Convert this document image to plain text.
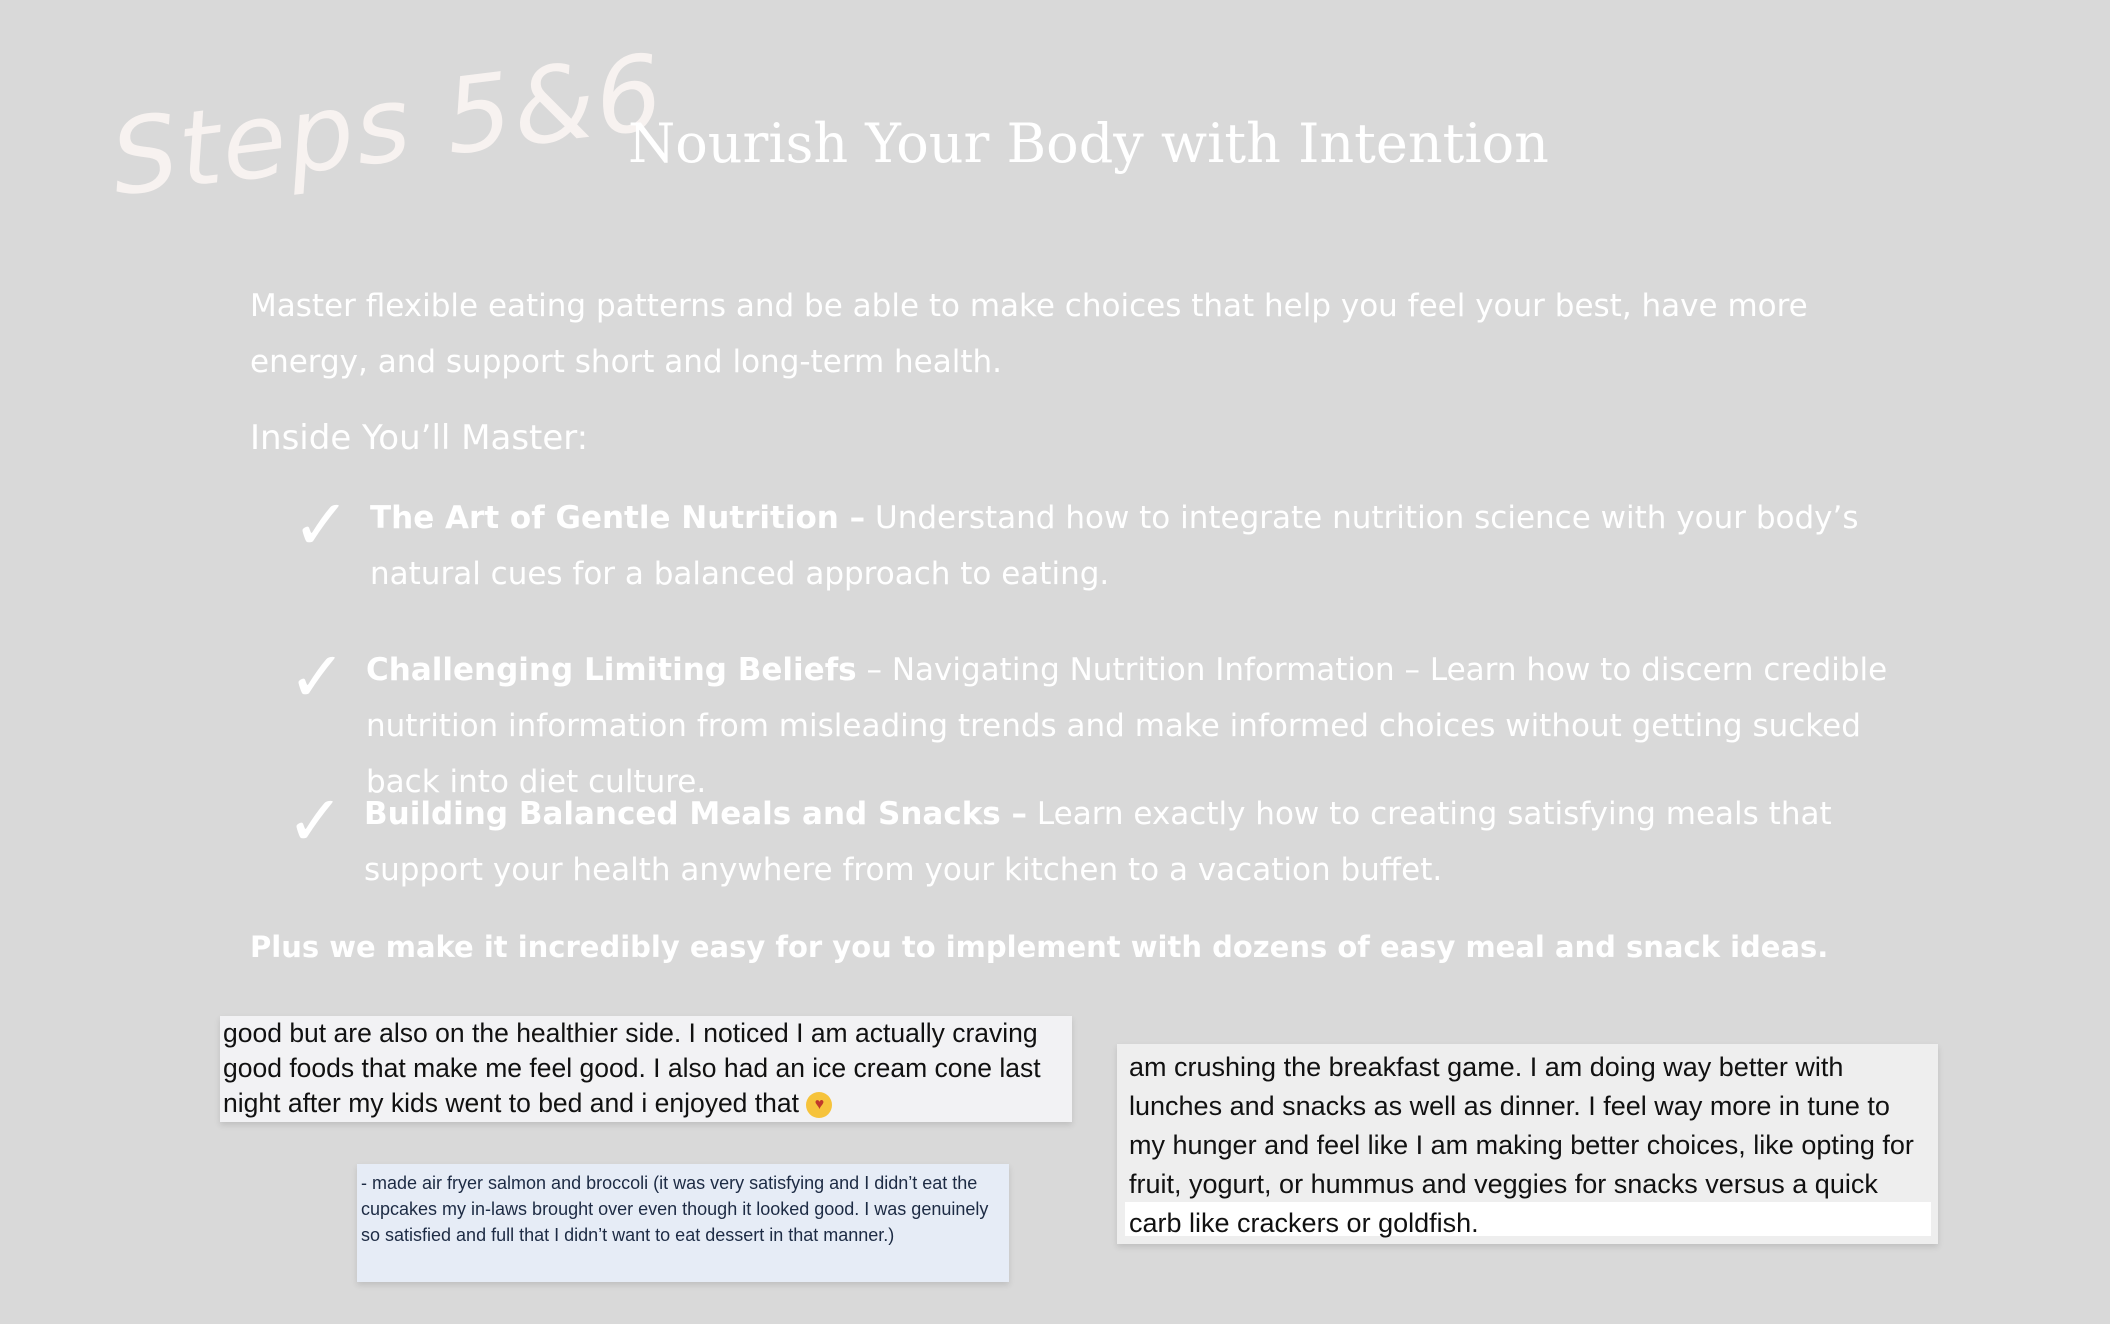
Steps 5&6
Nourish Your Body with Intention
Master flexible eating patterns and be able to make choices that help you feel your best, have more energy, and support short and long-term health.
Inside You’ll Master:
✓ The Art of Gentle Nutrition – Understand how to integrate nutrition science with your body’s natural cues for a balanced approach to eating.
✓ Challenging Limiting Beliefs – Navigating Nutrition Information – Learn how to discern credible nutrition information from misleading trends and make informed choices without getting sucked back into diet culture.
✓ Building Balanced Meals and Snacks – Learn exactly how to creating satisfying meals that support your health anywhere from your kitchen to a vacation buffet.
Plus we make it incredibly easy for you to implement with dozens of easy meal and snack ideas.
good but are also on the healthier side. I noticed I am actually craving good foods that make me feel good. I also had an ice cream cone last night after my kids went to bed and i enjoyed that ♥
- made air fryer salmon and broccoli (it was very satisfying and I didn’t eat the cupcakes my in-laws brought over even though it looked good. I was genuinely so satisfied and full that I didn’t want to eat dessert in that manner.)
am crushing the breakfast game. I am doing way better with lunches and snacks as well as dinner. I feel way more in tune to my hunger and feel like I am making better choices, like opting for fruit, yogurt, or hummus and veggies for snacks versus a quick carb like crackers or goldfish.
